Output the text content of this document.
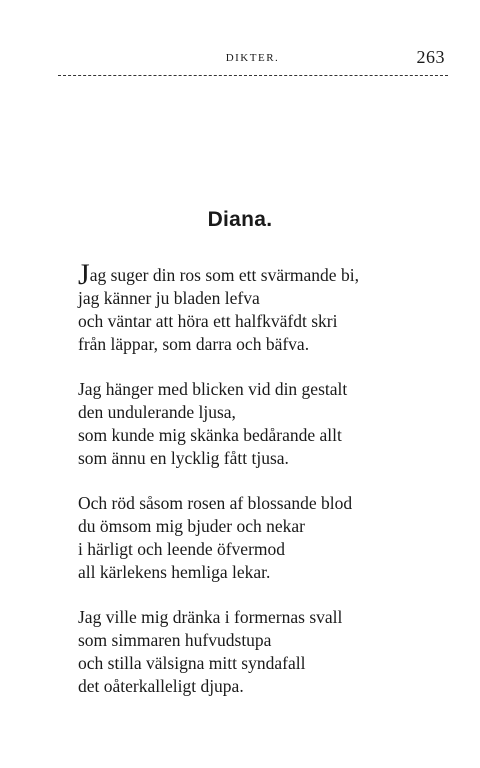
DIKTER.	263
Diana.
Jag suger din ros som ett svärmande bi,
jag känner ju bladen lefva
och väntar att höra ett halfkväfdt skri
från läppar, som darra och bäfva.
Jag hänger med blicken vid din gestalt
den undulerande ljusa,
som kunde mig skänka bedårande allt
som ännu en lycklig fått tjusa.
Och röd såsom rosen af blossande blod
du ömsom mig bjuder och nekar
i härligt och leende öfvermod
all kärlekens hemliga lekar.
Jag ville mig dränka i formernas svall
som simmaren hufvudstupa
och stilla välsigna mitt syndafall
det oåterkalleligt djupa.
